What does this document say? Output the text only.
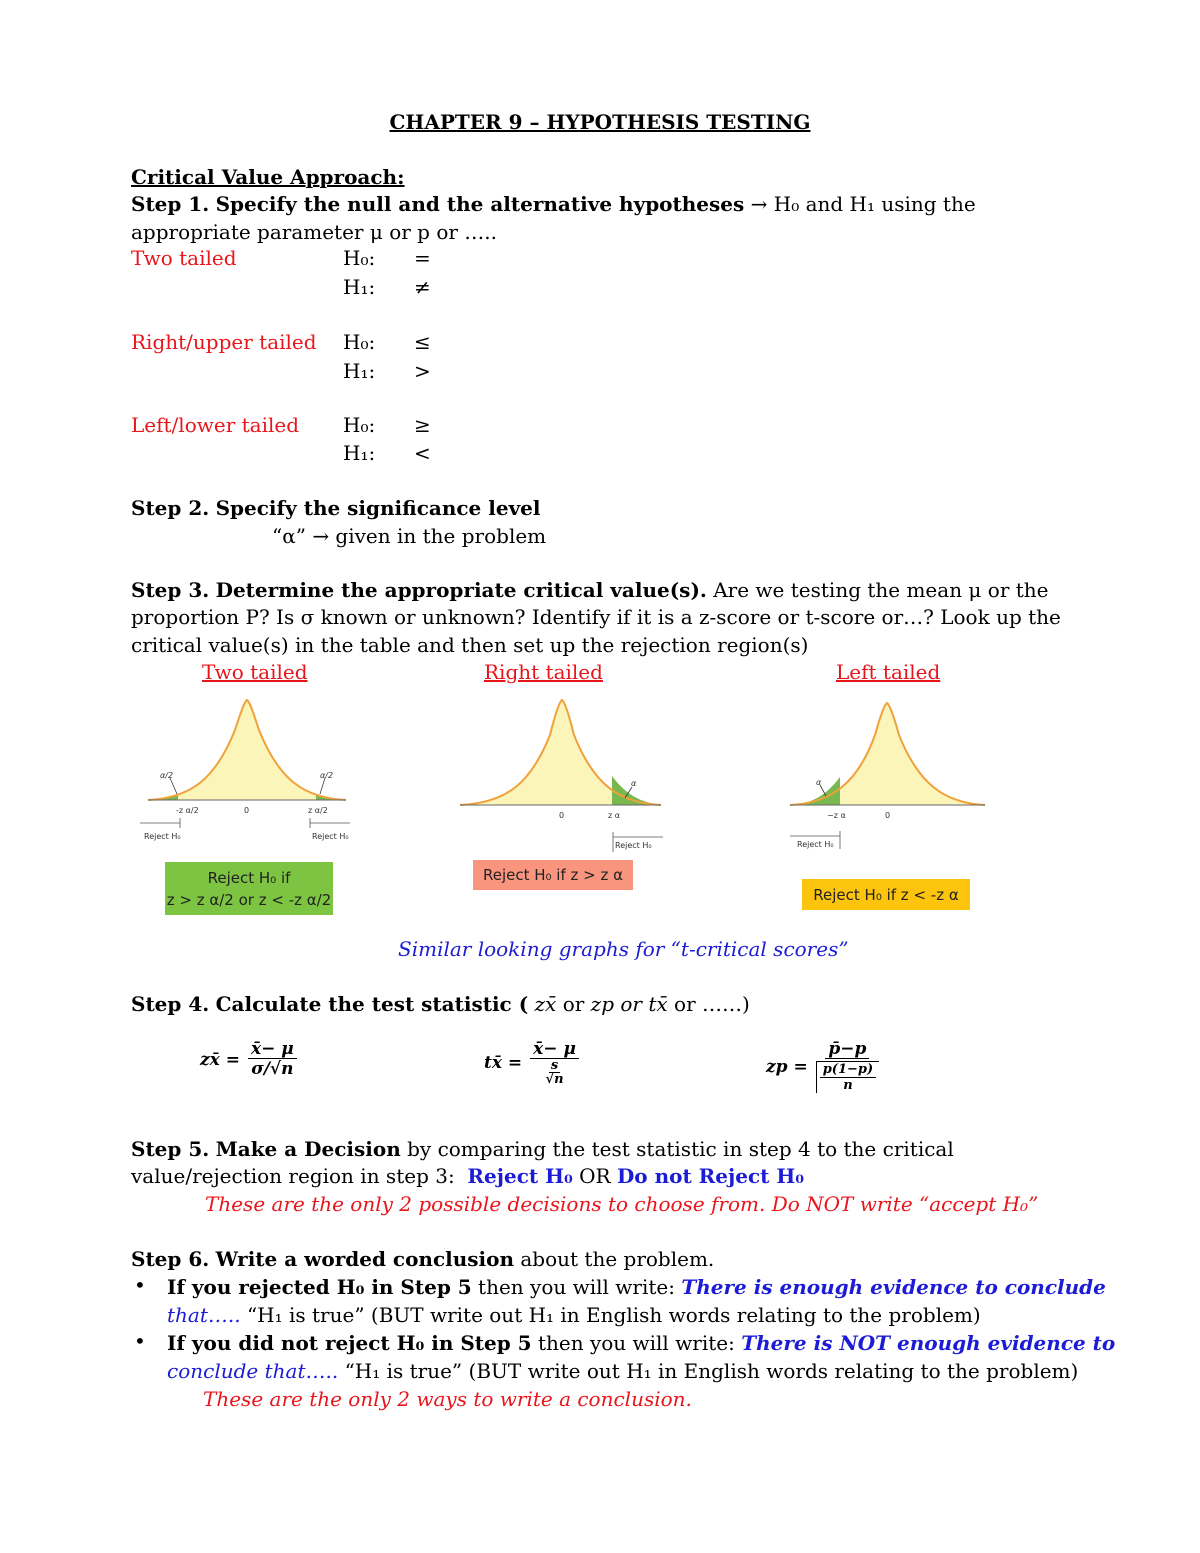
CHAPTER 9 – HYPOTHESIS TESTING
Critical Value Approach:
Step 1. Specify the null and the alternative hypotheses → H₀ and H₁ using the
appropriate parameter μ or p or …..
Two tailed	H₀: =
H₁: ≠
Right/upper tailed H₀: ≤
H₁: >
Left/lower tailed H₀: ≥
H₁: <
Step 2. Specify the significance level
“α” → given in the problem
Step 3. Determine the appropriate critical value(s). Are we testing the mean μ or the
proportion P? Is σ known or unknown? Identify if it is a z-score or t-score or…? Look up the
critical value(s) in the table and then set up the rejection region(s)
Two tailed	Right tailed	Left tailed
α/2	α/2
-z α/2	0	z α/2
Reject H₀	Reject H₀
α
0	z α
Reject H₀
α
−z α	0
Reject H₀
Reject H₀ if
z > z α/2 or z < -z α/2
Reject H₀ if z > z α
Reject H₀ if z < -z α
Similar looking graphs for “t-critical scores”
Step 4. Calculate the test statistic ( zx̄ or zp or tx̄ or ……)
zx̄ = $\frac{x̄- \mu}{\sigma/√n}$	tx̄ = x̄− μ
s
√n	zp = p̄−p
p(1−p)
n
Step 5. Make a Decision by comparing the test statistic in step 4 to the critical
value/rejection region in step 3: Reject H₀ OR Do not Reject H₀
These are the only 2 possible decisions to choose from. Do NOT write “accept H₀”
Step 6. Write a worded conclusion about the problem.
• If you rejected H₀ in Step 5 then you will write: There is enough evidence to conclude
that….. “H₁ is true” (BUT write out H₁ in English words relating to the problem)
• If you did not reject H₀ in Step 5 then you will write: There is NOT enough evidence to
conclude that….. “H₁ is true” (BUT write out H₁ in English words relating to the problem)
These are the only 2 ways to write a conclusion.
